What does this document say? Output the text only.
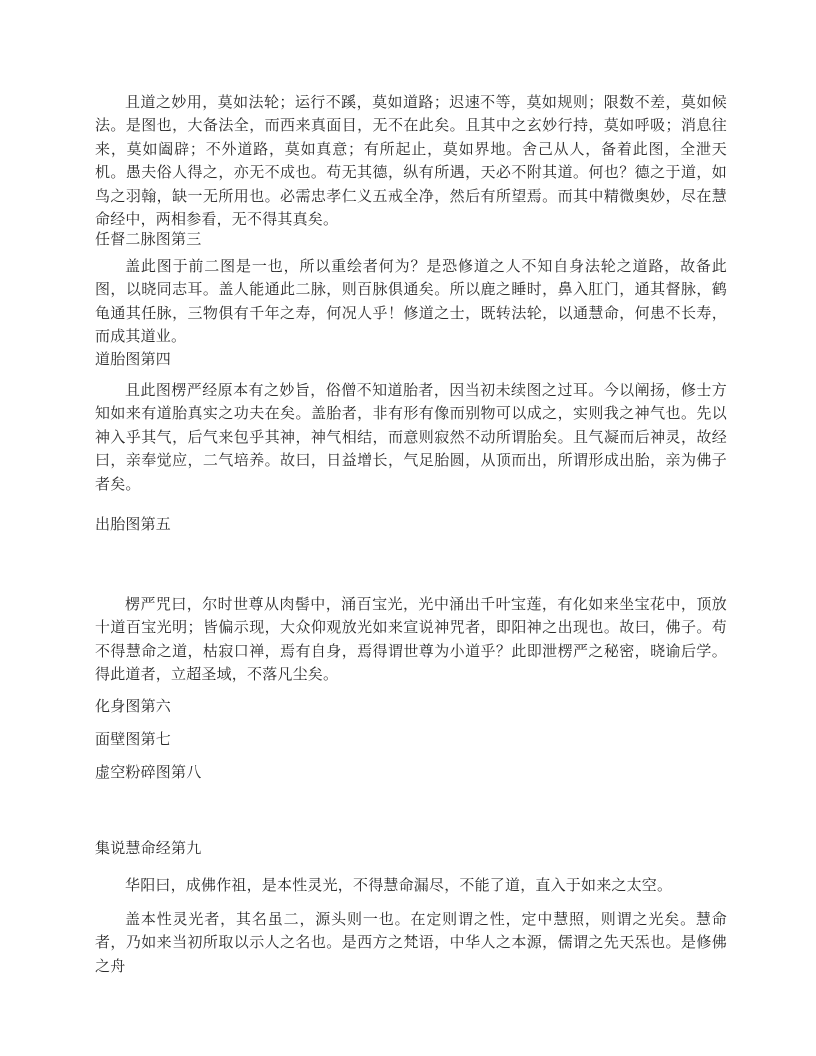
且道之妙用，莫如法轮；运行不蹊，莫如道路；迟速不等，莫如规则；限数不差，莫如候法。是图也，大备法全，而西来真面目，无不在此矣。且其中之玄妙行持，莫如呼吸；消息往来，莫如阖辟；不外道路，莫如真意；有所起止，莫如界地。舍己从人，备着此图，全泄天机。愚夫俗人得之，亦无不成也。苟无其德，纵有所遇，天必不附其道。何也？德之于道，如鸟之羽翰，缺一无所用也。必需忠孝仁义五戒全净，然后有所望焉。而其中精微奥妙，尽在慧命经中，两相参看，无不得其真矣。
任督二脉图第三
盖此图于前二图是一也，所以重绘者何为？是恐修道之人不知自身法轮之道路，故备此图，以晓同志耳。盖人能通此二脉，则百脉俱通矣。所以鹿之睡时，鼻入肛门，通其督脉，鹤龟通其任脉，三物俱有千年之寿，何况人乎！修道之士，既转法轮，以通慧命，何患不长寿，而成其道业。
道胎图第四
且此图楞严经原本有之妙旨，俗僧不知道胎者，因当初未续图之过耳。今以阐扬，修士方知如来有道胎真实之功夫在矣。盖胎者，非有形有像而别物可以成之，实则我之神气也。先以神入乎其气，后气来包乎其神，神气相结，而意则寂然不动所谓胎矣。且气凝而后神灵，故经曰，亲奉觉应，二气培养。故曰，日益增长，气足胎圆，从顶而出，所谓形成出胎，亲为佛子者矣。
出胎图第五
楞严咒曰，尔时世尊从肉髻中，涌百宝光，光中涌出千叶宝莲，有化如来坐宝花中，顶放十道百宝光明；皆偏示现，大众仰观放光如来宣说神咒者，即阳神之出现也。故曰，佛子。苟不得慧命之道，枯寂口禅，焉有自身，焉得谓世尊为小道乎？此即泄楞严之秘密，晓谕后学。得此道者，立超圣域，不落凡尘矣。
化身图第六
面壁图第七
虚空粉碎图第八
集说慧命经第九
华阳曰，成佛作祖，是本性灵光，不得慧命漏尽，不能了道，直入于如来之太空。
盖本性灵光者，其名虽二，源头则一也。在定则谓之性，定中慧照，则谓之光矣。慧命者，乃如来当初所取以示人之名也。是西方之梵语，中华人之本源，儒谓之先天炁也。是修佛之舟
